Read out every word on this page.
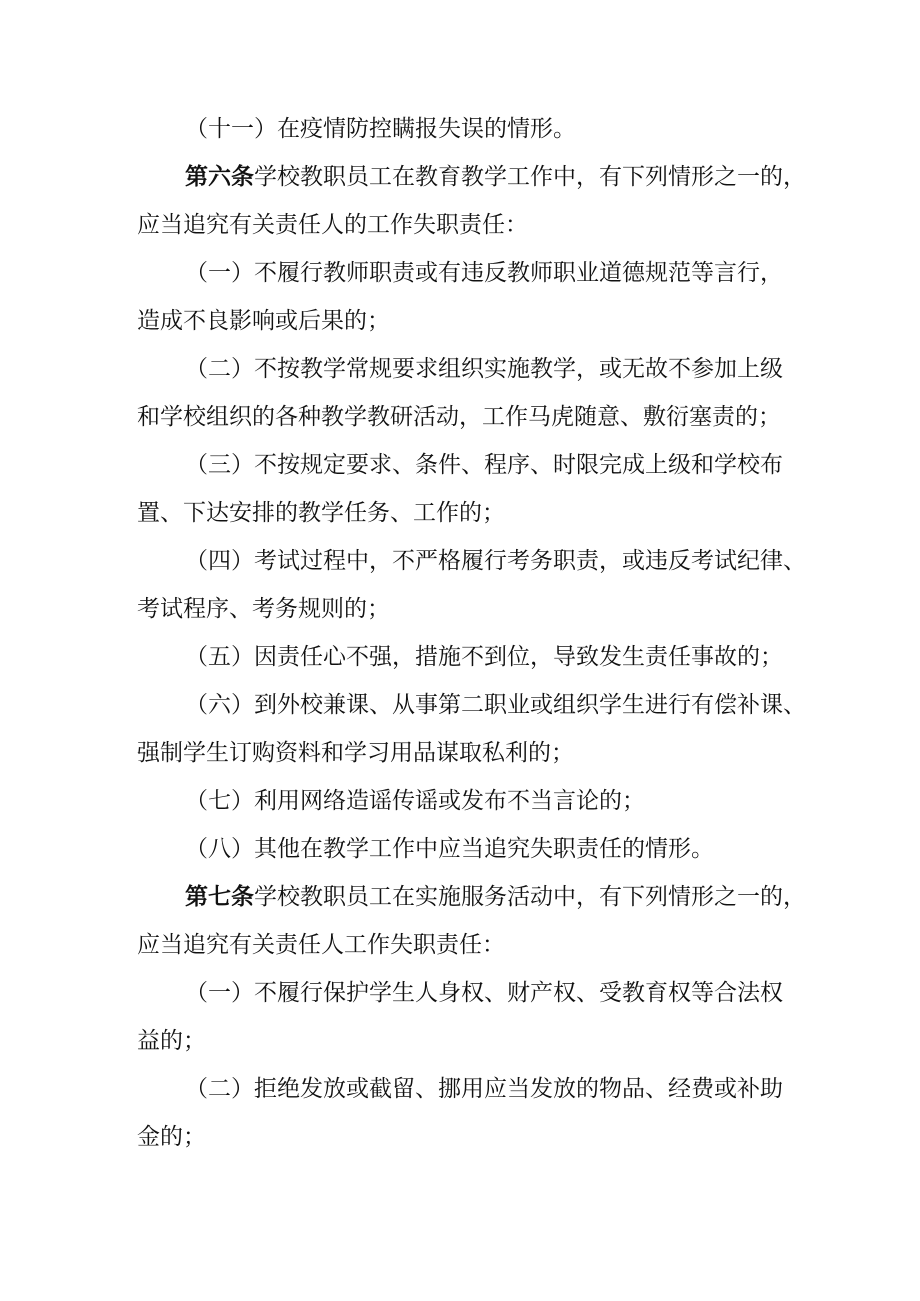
（十一）在疫情防控瞒报失误的情形。
第六条学校教职员工在教育教学工作中，有下列情形之一的，
应当追究有关责任人的工作失职责任：
（一）不履行教师职责或有违反教师职业道德规范等言行，
造成不良影响或后果的；
（二）不按教学常规要求组织实施教学，或无故不参加上级
和学校组织的各种教学教研活动，工作马虎随意、敷衍塞责的；
（三）不按规定要求、条件、程序、时限完成上级和学校布
置、下达安排的教学任务、工作的；
（四）考试过程中，不严格履行考务职责，或违反考试纪律、
考试程序、考务规则的；
（五）因责任心不强，措施不到位，导致发生责任事故的；
（六）到外校兼课、从事第二职业或组织学生进行有偿补课、
强制学生订购资料和学习用品谋取私利的；
（七）利用网络造谣传谣或发布不当言论的；
（八）其他在教学工作中应当追究失职责任的情形。
第七条学校教职员工在实施服务活动中，有下列情形之一的，
应当追究有关责任人工作失职责任：
（一）不履行保护学生人身权、财产权、受教育权等合法权
益的；
（二）拒绝发放或截留、挪用应当发放的物品、经费或补助
金的；
